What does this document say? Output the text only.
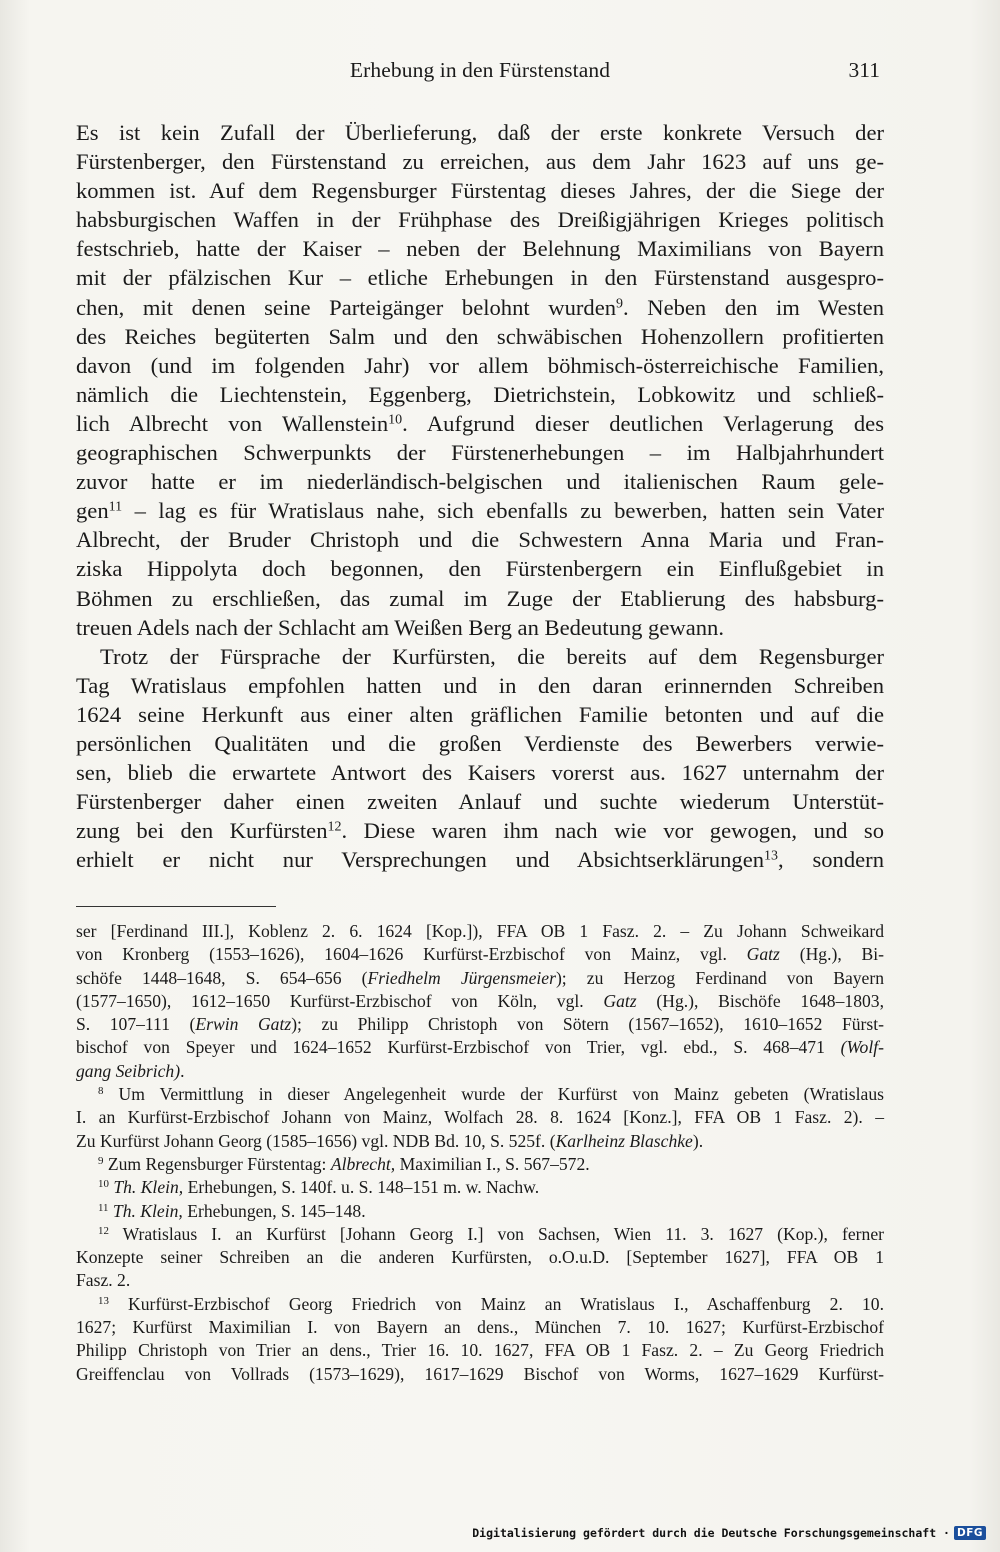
Erhebung in den Fürstenstand	311
Es ist kein Zufall der Überlieferung, daß der erste konkrete Versuch der
Fürstenberger, den Fürstenstand zu erreichen, aus dem Jahr 1623 auf uns ge-
kommen ist. Auf dem Regensburger Fürstentag dieses Jahres, der die Siege der
habsburgischen Waffen in der Frühphase des Dreißigjährigen Krieges politisch
festschrieb, hatte der Kaiser – neben der Belehnung Maximilians von Bayern
mit der pfälzischen Kur – etliche Erhebungen in den Fürstenstand ausgespro-
chen, mit denen seine Parteigänger belohnt wurden$^9$. Neben den im Westen
des Reiches begüterten Salm und den schwäbischen Hohenzollern profitierten
davon (und im folgenden Jahr) vor allem böhmisch-österreichische Familien,
nämlich die Liechtenstein, Eggenberg, Dietrichstein, Lobkowitz und schließ-
lich Albrecht von Wallenstein$^{10}$. Aufgrund dieser deutlichen Verlagerung des
geographischen Schwerpunkts der Fürstenerhebungen – im Halbjahrhundert
zuvor hatte er im niederländisch-belgischen und italienischen Raum gele-
gen$^{11}$ – lag es für Wratislaus nahe, sich ebenfalls zu bewerben, hatten sein Vater
Albrecht, der Bruder Christoph und die Schwestern Anna Maria und Fran-
ziska Hippolyta doch begonnen, den Fürstenbergern ein Einflußgebiet in
Böhmen zu erschließen, das zumal im Zuge der Etablierung des habsburg-
treuen Adels nach der Schlacht am Weißen Berg an Bedeutung gewann.
Trotz der Fürsprache der Kurfürsten, die bereits auf dem Regensburger
Tag Wratislaus empfohlen hatten und in den daran erinnernden Schreiben
1624 seine Herkunft aus einer alten gräflichen Familie betonten und auf die
persönlichen Qualitäten und die großen Verdienste des Bewerbers verwie-
sen, blieb die erwartete Antwort des Kaisers vorerst aus. 1627 unternahm der
Fürstenberger daher einen zweiten Anlauf und suchte wiederum Unterstüt-
zung bei den Kurfürsten$^{12}$. Diese waren ihm nach wie vor gewogen, und so
erhielt er nicht nur Versprechungen und Absichtserklärungen$^{13}$, sondern
ser [Ferdinand III.], Koblenz 2. 6. 1624 [Kop.]), FFA OB 1 Fasz. 2. – Zu Johann Schweikard
von Kronberg (1553–1626), 1604–1626 Kurfürst-Erzbischof von Mainz, vgl. Gatz (Hg.), Bi-
schöfe 1448–1648, S. 654–656 (Friedhelm Jürgensmeier); zu Herzog Ferdinand von Bayern
(1577–1650), 1612–1650 Kurfürst-Erzbischof von Köln, vgl. Gatz (Hg.), Bischöfe 1648–1803,
S. 107–111 (Erwin Gatz); zu Philipp Christoph von Sötern (1567–1652), 1610–1652 Fürst-
bischof von Speyer und 1624–1652 Kurfürst-Erzbischof von Trier, vgl. ebd., S. 468–471 (Wolf-
gang Seibrich).
$^8$ Um Vermittlung in dieser Angelegenheit wurde der Kurfürst von Mainz gebeten (Wratislaus
I. an Kurfürst-Erzbischof Johann von Mainz, Wolfach 28. 8. 1624 [Konz.], FFA OB 1 Fasz. 2). –
Zu Kurfürst Johann Georg (1585–1656) vgl. NDB Bd. 10, S. 525f. (Karlheinz Blaschke).
$^9$ Zum Regensburger Fürstentag: Albrecht, Maximilian I., S. 567–572.
$^{10}$ Th. Klein, Erhebungen, S. 140f. u. S. 148–151 m. w. Nachw.
$^{11}$ Th. Klein, Erhebungen, S. 145–148.
$^{12}$ Wratislaus I. an Kurfürst [Johann Georg I.] von Sachsen, Wien 11. 3. 1627 (Kop.), ferner
Konzepte seiner Schreiben an die anderen Kurfürsten, o.O.u.D. [September 1627], FFA OB 1
Fasz. 2.
$^{13}$ Kurfürst-Erzbischof Georg Friedrich von Mainz an Wratislaus I., Aschaffenburg 2. 10.
1627; Kurfürst Maximilian I. von Bayern an dens., München 7. 10. 1627; Kurfürst-Erzbischof
Philipp Christoph von Trier an dens., Trier 16. 10. 1627, FFA OB 1 Fasz. 2. – Zu Georg Friedrich
Greiffenclau von Vollrads (1573–1629), 1617–1629 Bischof von Worms, 1627–1629 Kurfürst-
Digitalisierung gefördert durch die Deutsche Forschungsgemeinschaft · DFG
